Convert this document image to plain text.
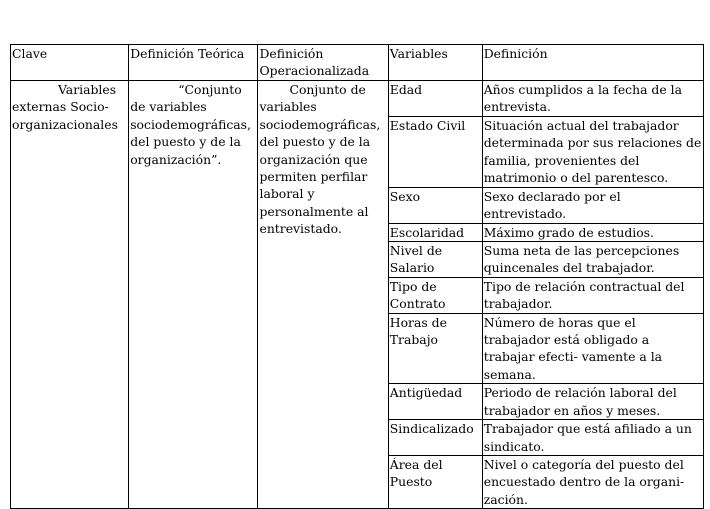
Clave	Definición Teórica	Definición Operacionalizada	Variables	Definición
Variables externas Socio-organizacionales	“Conjunto de variables sociodemográficas, del puesto y de la organización”.	Conjunto de variables sociodemográficas, del puesto y de la organización que permiten perfilar laboral y personalmente al entrevistado.	Edad	Años cumplidos a la fecha de la entrevista.
			Estado Civil	Situación actual del trabajador determinada por sus relaciones de familia, provenientes del matrimonio o del parentesco.
			Sexo	Sexo declarado por el entrevistado.
			Escolaridad	Máximo grado de estudios.
			Nivel de Salario	Suma neta de las percepciones quincenales del trabajador.
			Tipo de Contrato	Tipo de relación contractual del trabajador.
			Horas de Trabajo	Número de horas que el trabajador está obligado a trabajar efecti- vamente a la semana.
			Antigüedad	Periodo de relación laboral del trabajador en años y meses.
			Sindicalizado	Trabajador que está afiliado a un sindicato.
			Área del Puesto	Nivel o categoría del puesto del encuestado dentro de la organi- zación.
